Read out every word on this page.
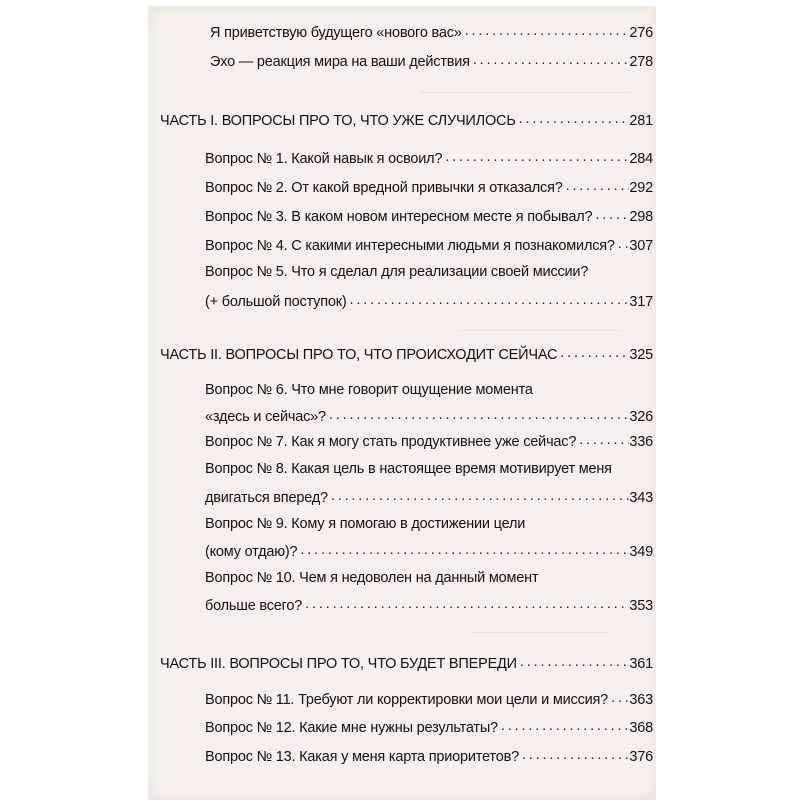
Я приветствую будущего «нового вас» . . .	276
Эхо — реакция мира на ваши действия . . .	278
ЧАСТЬ I. ВОПРОСЫ ПРО ТО, ЧТО УЖЕ СЛУЧИЛОСЬ . . .	281
Вопрос № 1. Какой навык я освоил? . . .	284
Вопрос № 2. От какой вредной привычки я отказался? . . .	292
Вопрос № 3. В каком новом интересном месте я побывал? . . .	298
Вопрос № 4. С какими интересными людьми я познакомился? . . . 307
Вопрос № 5. Что я сделал для реализации своей миссии?
(+ большой поступок) . . .	317
ЧАСТЬ II. ВОПРОСЫ ПРО ТО, ЧТО ПРОИСХОДИТ СЕЙЧАС . . .	325
Вопрос № 6. Что мне говорит ощущение момента
«здесь и сейчас»? . . .	326
Вопрос № 7. Как я могу стать продуктивнее уже сейчас? . . .	336
Вопрос № 8. Какая цель в настоящее время мотивирует меня
двигаться вперед? . . .	343
Вопрос № 9. Кому я помогаю в достижении цели
(кому отдаю)? . . .	349
Вопрос № 10. Чем я недоволен на данный момент
больше всего? . . .	353
ЧАСТЬ III. ВОПРОСЫ ПРО ТО, ЧТО БУДЕТ ВПЕРЕДИ . . .	361
Вопрос № 11. Требуют ли корректировки мои цели и миссия? . . . 363
Вопрос № 12. Какие мне нужны результаты? . . .	368
Вопрос № 13. Какая у меня карта приоритетов? . . .	376
